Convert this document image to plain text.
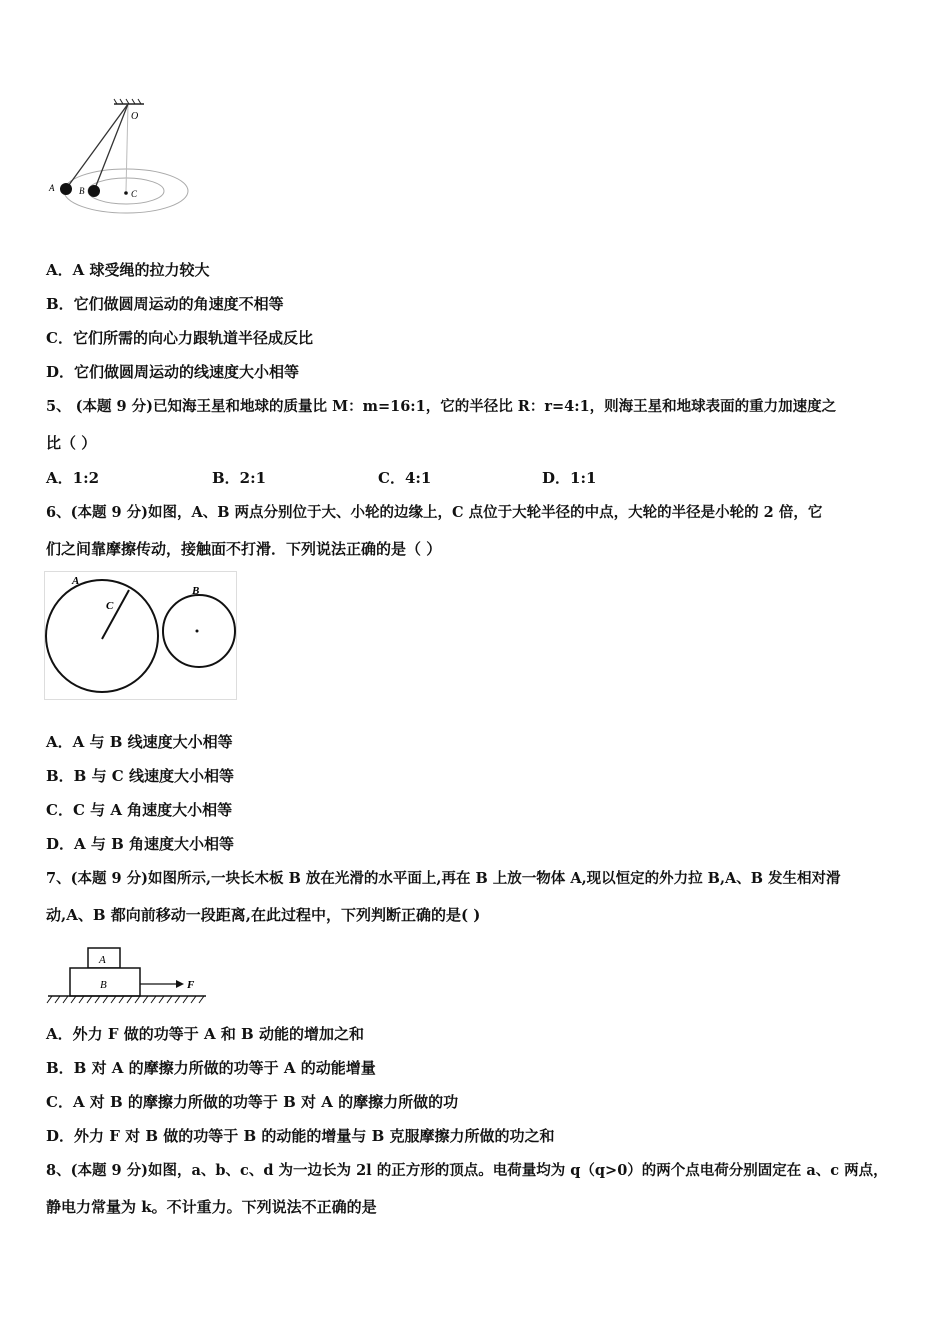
O
A	B	C
A．A 球受绳的拉力较大
B．它们做圆周运动的角速度不相等
C．它们所需的向心力跟轨道半径成反比
D．它们做圆周运动的线速度大小相等
5、 (本题 9 分)已知海王星和地球的质量比 M：m=16:1，它的半径比 R：r=4:1，则海王星和地球表面的重力加速度之
比（ ）
A．1:2	B．2:1	C．4:1	D．1:1
6、(本题 9 分)如图，A、B 两点分别位于大、小轮的边缘上，C 点位于大轮半径的中点，大轮的半径是小轮的 2 倍，它
们之间靠摩擦传动，接触面不打滑．下列说法正确的是（ ）
A
C
B
A．A 与 B 线速度大小相等
B．B 与 C 线速度大小相等
C．C 与 A 角速度大小相等
D．A 与 B 角速度大小相等
7、(本题 9 分)如图所示,一块长木板 B 放在光滑的水平面上,再在 B 上放一物体 A,现以恒定的外力拉 B,A、B 发生相对滑
动,A、B 都向前移动一段距离,在此过程中，下列判断正确的是( )
A
B	F
A．外力 F 做的功等于 A 和 B 动能的增加之和
B．B 对 A 的摩擦力所做的功等于 A 的动能增量
C．A 对 B 的摩擦力所做的功等于 B 对 A 的摩擦力所做的功
D．外力 F 对 B 做的功等于 B 的动能的增量与 B 克服摩擦力所做的功之和
8、(本题 9 分)如图，a、b、c、d 为一边长为 2l 的正方形的顶点。电荷量均为 q（q>0）的两个点电荷分别固定在 a、c 两点，
静电力常量为 k。不计重力。下列说法不正确的是
